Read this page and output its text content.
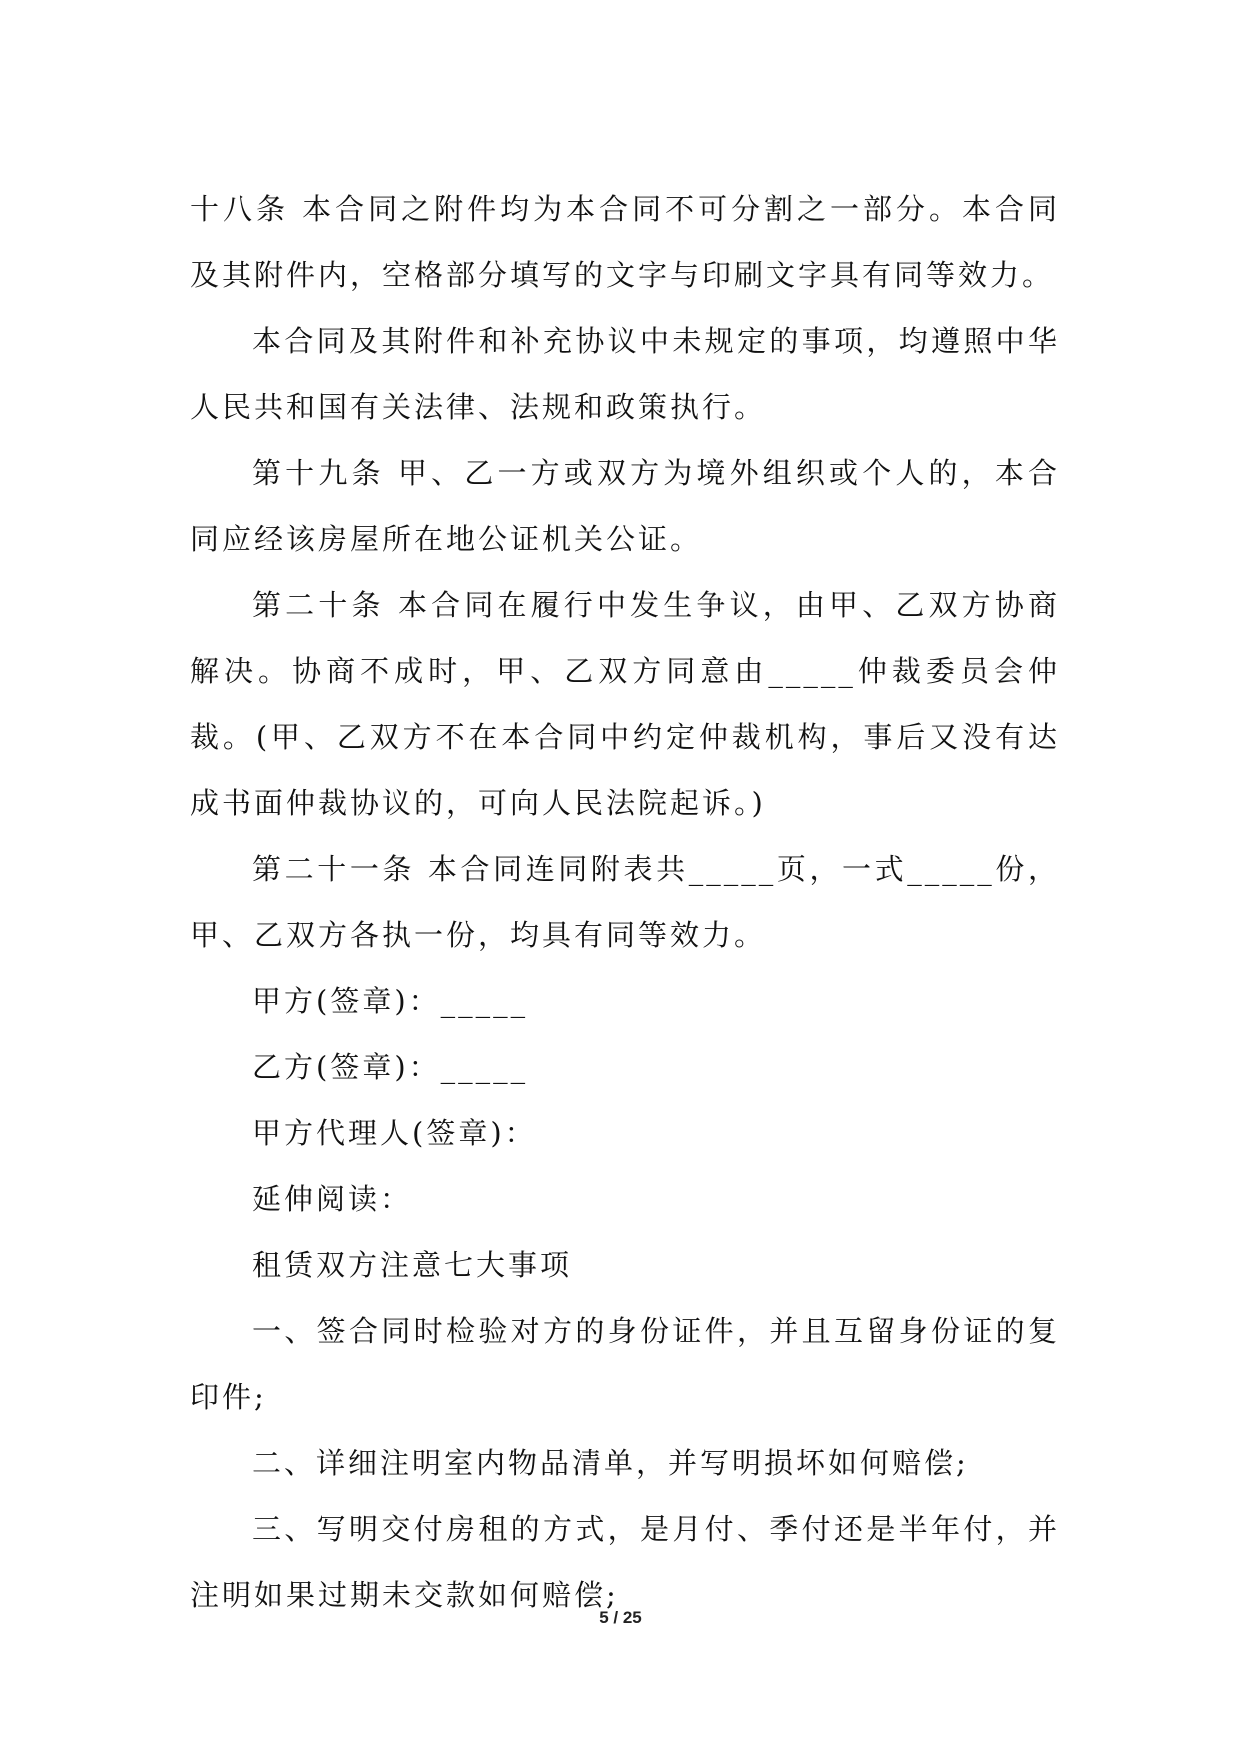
十八条 本合同之附件均为本合同不可分割之一部分。本合同及其附件内，空格部分填写的文字与印刷文字具有同等效力。

本合同及其附件和补充协议中未规定的事项，均遵照中华人民共和国有关法律、法规和政策执行。

第十九条 甲、乙一方或双方为境外组织或个人的，本合同应经该房屋所在地公证机关公证。

第二十条 本合同在履行中发生争议，由甲、乙双方协商解决。协商不成时，甲、乙双方同意由_____仲裁委员会仲裁。(甲、乙双方不在本合同中约定仲裁机构，事后又没有达成书面仲裁协议的，可向人民法院起诉。)

第二十一条 本合同连同附表共_____页，一式_____份，甲、乙双方各执一份，均具有同等效力。

甲方(签章)：_____

乙方(签章)：_____

甲方代理人(签章)：

延伸阅读：

租赁双方注意七大事项

一、签合同时检验对方的身份证件，并且互留身份证的复印件;

二、详细注明室内物品清单，并写明损坏如何赔偿;

三、写明交付房租的方式，是月付、季付还是半年付，并注明如果过期未交款如何赔偿;

5 / 25
